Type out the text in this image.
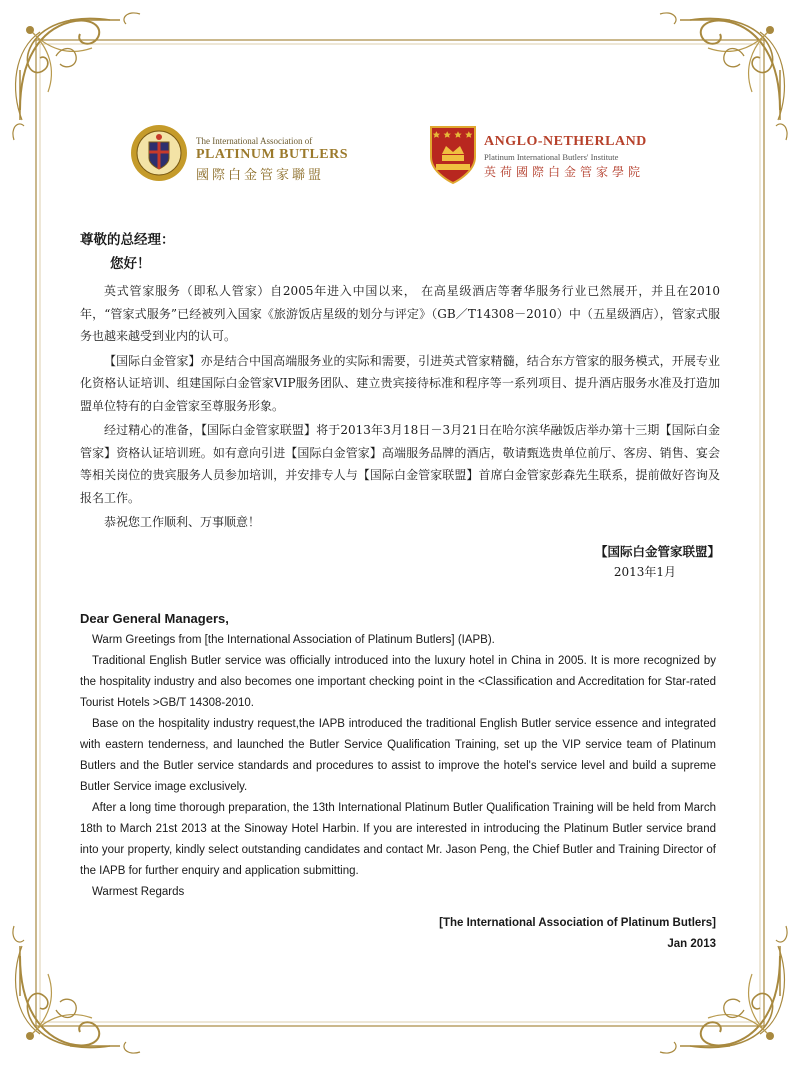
The International Association of
PLATINUM BUTLERS
國際白金管家聯盟
ANGLO-NETHERLAND
Platinum International Butlers' Institute
英荷國際白金管家學院
尊敬的总经理：
您好！

英式管家服务（即私人管家）自2005年进入中国以来， 在高星级酒店等奢华服务行业已然展开，并且在2010年，“管家式服务”已经被列入国家《旅游饭店星级的划分与评定》（GB／T14308－2010）中（五星级酒店），管家式服务也越来越受到业内的认可。

【国际白金管家】亦是结合中国高端服务业的实际和需要，引进英式管家精髓，结合东方管家的服务模式，开展专业化资格认证培训、组建国际白金管家VIP服务团队、建立贵宾接待标准和程序等一系列项目、提升酒店服务水准及打造加盟单位特有的白金管家至尊服务形象。

经过精心的准备，【国际白金管家联盟】将于2013年3月18日－3月21日在哈尔滨华融饭店举办第十三期【国际白金管家】资格认证培训班。如有意向引进【国际白金管家】高端服务品牌的酒店，敬请甄选贵单位前厅、客房、销售、宴会等相关岗位的贵宾服务人员参加培训，并安排专人与【国际白金管家联盟】首席白金管家彭森先生联系，提前做好咨询及报名工作。

恭祝您工作顺利、万事顺意！

【国际白金管家联盟】
2013年1月
Dear General Managers,

Warm Greetings from [the International Association of Platinum Butlers] (IAPB).

Traditional English Butler service was officially introduced into the luxury hotel in China in 2005. It is more recognized by the hospitality industry and also becomes one important checking point in the <Classification and Accreditation for Star-rated Tourist Hotels >GB/T 14308-2010.

Base on the hospitality industry request,the IAPB introduced the traditional English Butler service essence and integrated with eastern tenderness, and launched the Butler Service Qualification Training, set up the VIP service team of Platinum Butlers and the Butler service standards and procedures to assist to improve the hotel's service level and build a supreme Butler Service image exclusively.

After a long time thorough preparation, the 13th International Platinum Butler Qualification Training will be held from March 18th to March 21st 2013 at the Sinoway Hotel Harbin. If you are interested in introducing the Platinum Butler service brand into your property, kindly select outstanding candidates and contact Mr. Jason Peng, the Chief Butler and Training Director of the IAPB for further enquiry and application submitting.

Warmest Regards

[The International Association of Platinum Butlers]
Jan 2013
